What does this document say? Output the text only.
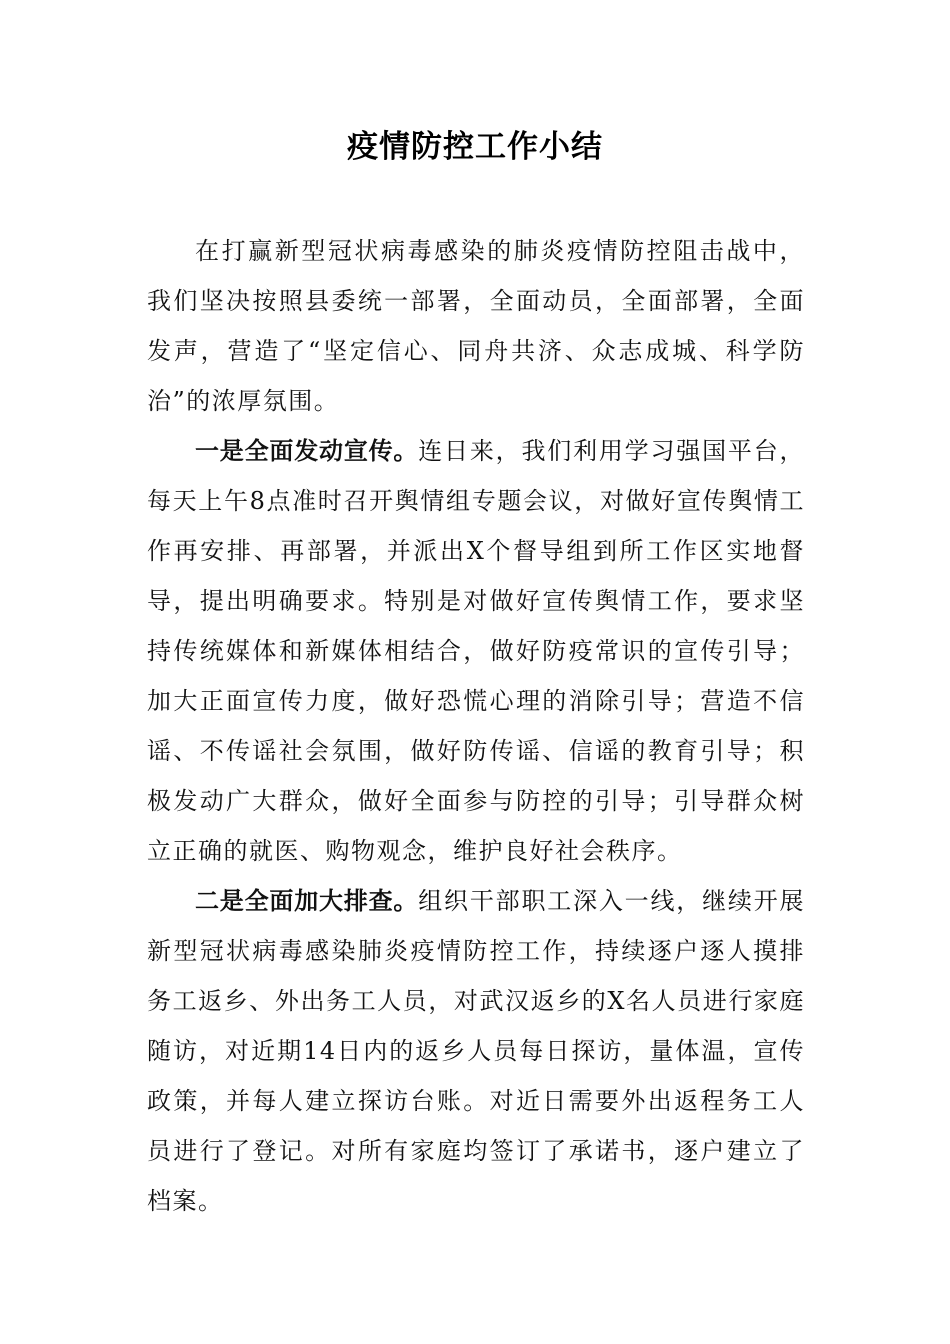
疫情防控工作小结

在打赢新型冠状病毒感染的肺炎疫情防控阻击战中，我们坚决按照县委统一部署，全面动员，全面部署，全面发声，营造了“坚定信心、同舟共济、众志成城、科学防治”的浓厚氛围。

一是全面发动宣传。连日来，我们利用学习强国平台，每天上午8点准时召开舆情组专题会议，对做好宣传舆情工作再安排、再部署，并派出X个督导组到所工作区实地督导，提出明确要求。特别是对做好宣传舆情工作，要求坚持传统媒体和新媒体相结合，做好防疫常识的宣传引导；加大正面宣传力度，做好恐慌心理的消除引导；营造不信谣、不传谣社会氛围，做好防传谣、信谣的教育引导；积极发动广大群众，做好全面参与防控的引导；引导群众树立正确的就医、购物观念，维护良好社会秩序。

二是全面加大排查。组织干部职工深入一线，继续开展新型冠状病毒感染肺炎疫情防控工作，持续逐户逐人摸排务工返乡、外出务工人员，对武汉返乡的X名人员进行家庭随访，对近期14日内的返乡人员每日探访，量体温，宣传政策，并每人建立探访台账。对近日需要外出返程务工人员进行了登记。对所有家庭均签订了承诺书，逐户建立了档案。
